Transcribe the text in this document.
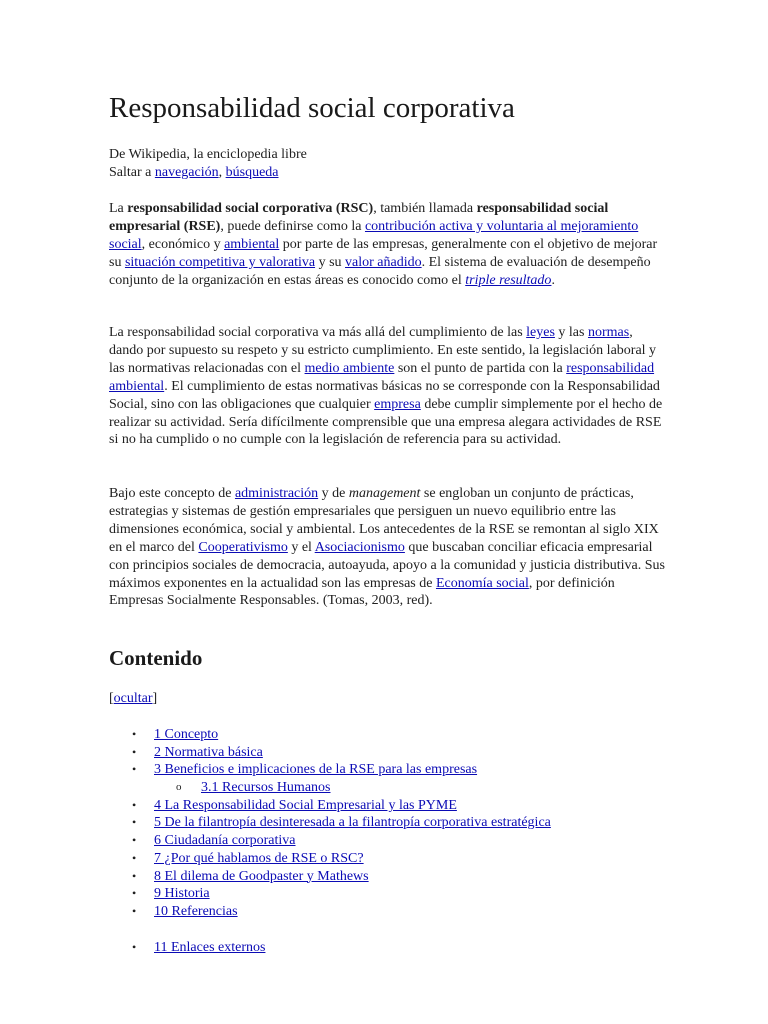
Responsabilidad social corporativa
De Wikipedia, la enciclopedia libre
Saltar a navegación, búsqueda

La responsabilidad social corporativa (RSC), también llamada responsabilidad social empresarial (RSE), puede definirse como la contribución activa y voluntaria al mejoramiento social, económico y ambiental por parte de las empresas, generalmente con el objetivo de mejorar su situación competitiva y valorativa y su valor añadido. El sistema de evaluación de desempeño conjunto de la organización en estas áreas es conocido como el triple resultado.

La responsabilidad social corporativa va más allá del cumplimiento de las leyes y las normas, dando por supuesto su respeto y su estricto cumplimiento. En este sentido, la legislación laboral y las normativas relacionadas con el medio ambiente son el punto de partida con la responsabilidad ambiental. El cumplimiento de estas normativas básicas no se corresponde con la Responsabilidad Social, sino con las obligaciones que cualquier empresa debe cumplir simplemente por el hecho de realizar su actividad. Sería difícilmente comprensible que una empresa alegara actividades de RSE si no ha cumplido o no cumple con la legislación de referencia para su actividad.

Bajo este concepto de administración y de management se engloban un conjunto de prácticas, estrategias y sistemas de gestión empresariales que persiguen un nuevo equilibrio entre las dimensiones económica, social y ambiental. Los antecedentes de la RSE se remontan al siglo XIX en el marco del Cooperativismo y el Asociacionismo que buscaban conciliar eficacia empresarial con principios sociales de democracia, autoayuda, apoyo a la comunidad y justicia distributiva. Sus máximos exponentes en la actualidad son las empresas de Economía social, por definición Empresas Socialmente Responsables. (Tomas, 2003, red).

Contenido
[ocultar]
• 1 Concepto
• 2 Normativa básica
• 3 Beneficios e implicaciones de la RSE para las empresas
o 3.1 Recursos Humanos
• 4 La Responsabilidad Social Empresarial y las PYME
• 5 De la filantropía desinteresada a la filantropía corporativa estratégica
• 6 Ciudadanía corporativa
• 7 ¿Por qué hablamos de RSE o RSC?
• 8 El dilema de Goodpaster y Mathews
• 9 Historia
• 10 Referencias
• 11 Enlaces externos
